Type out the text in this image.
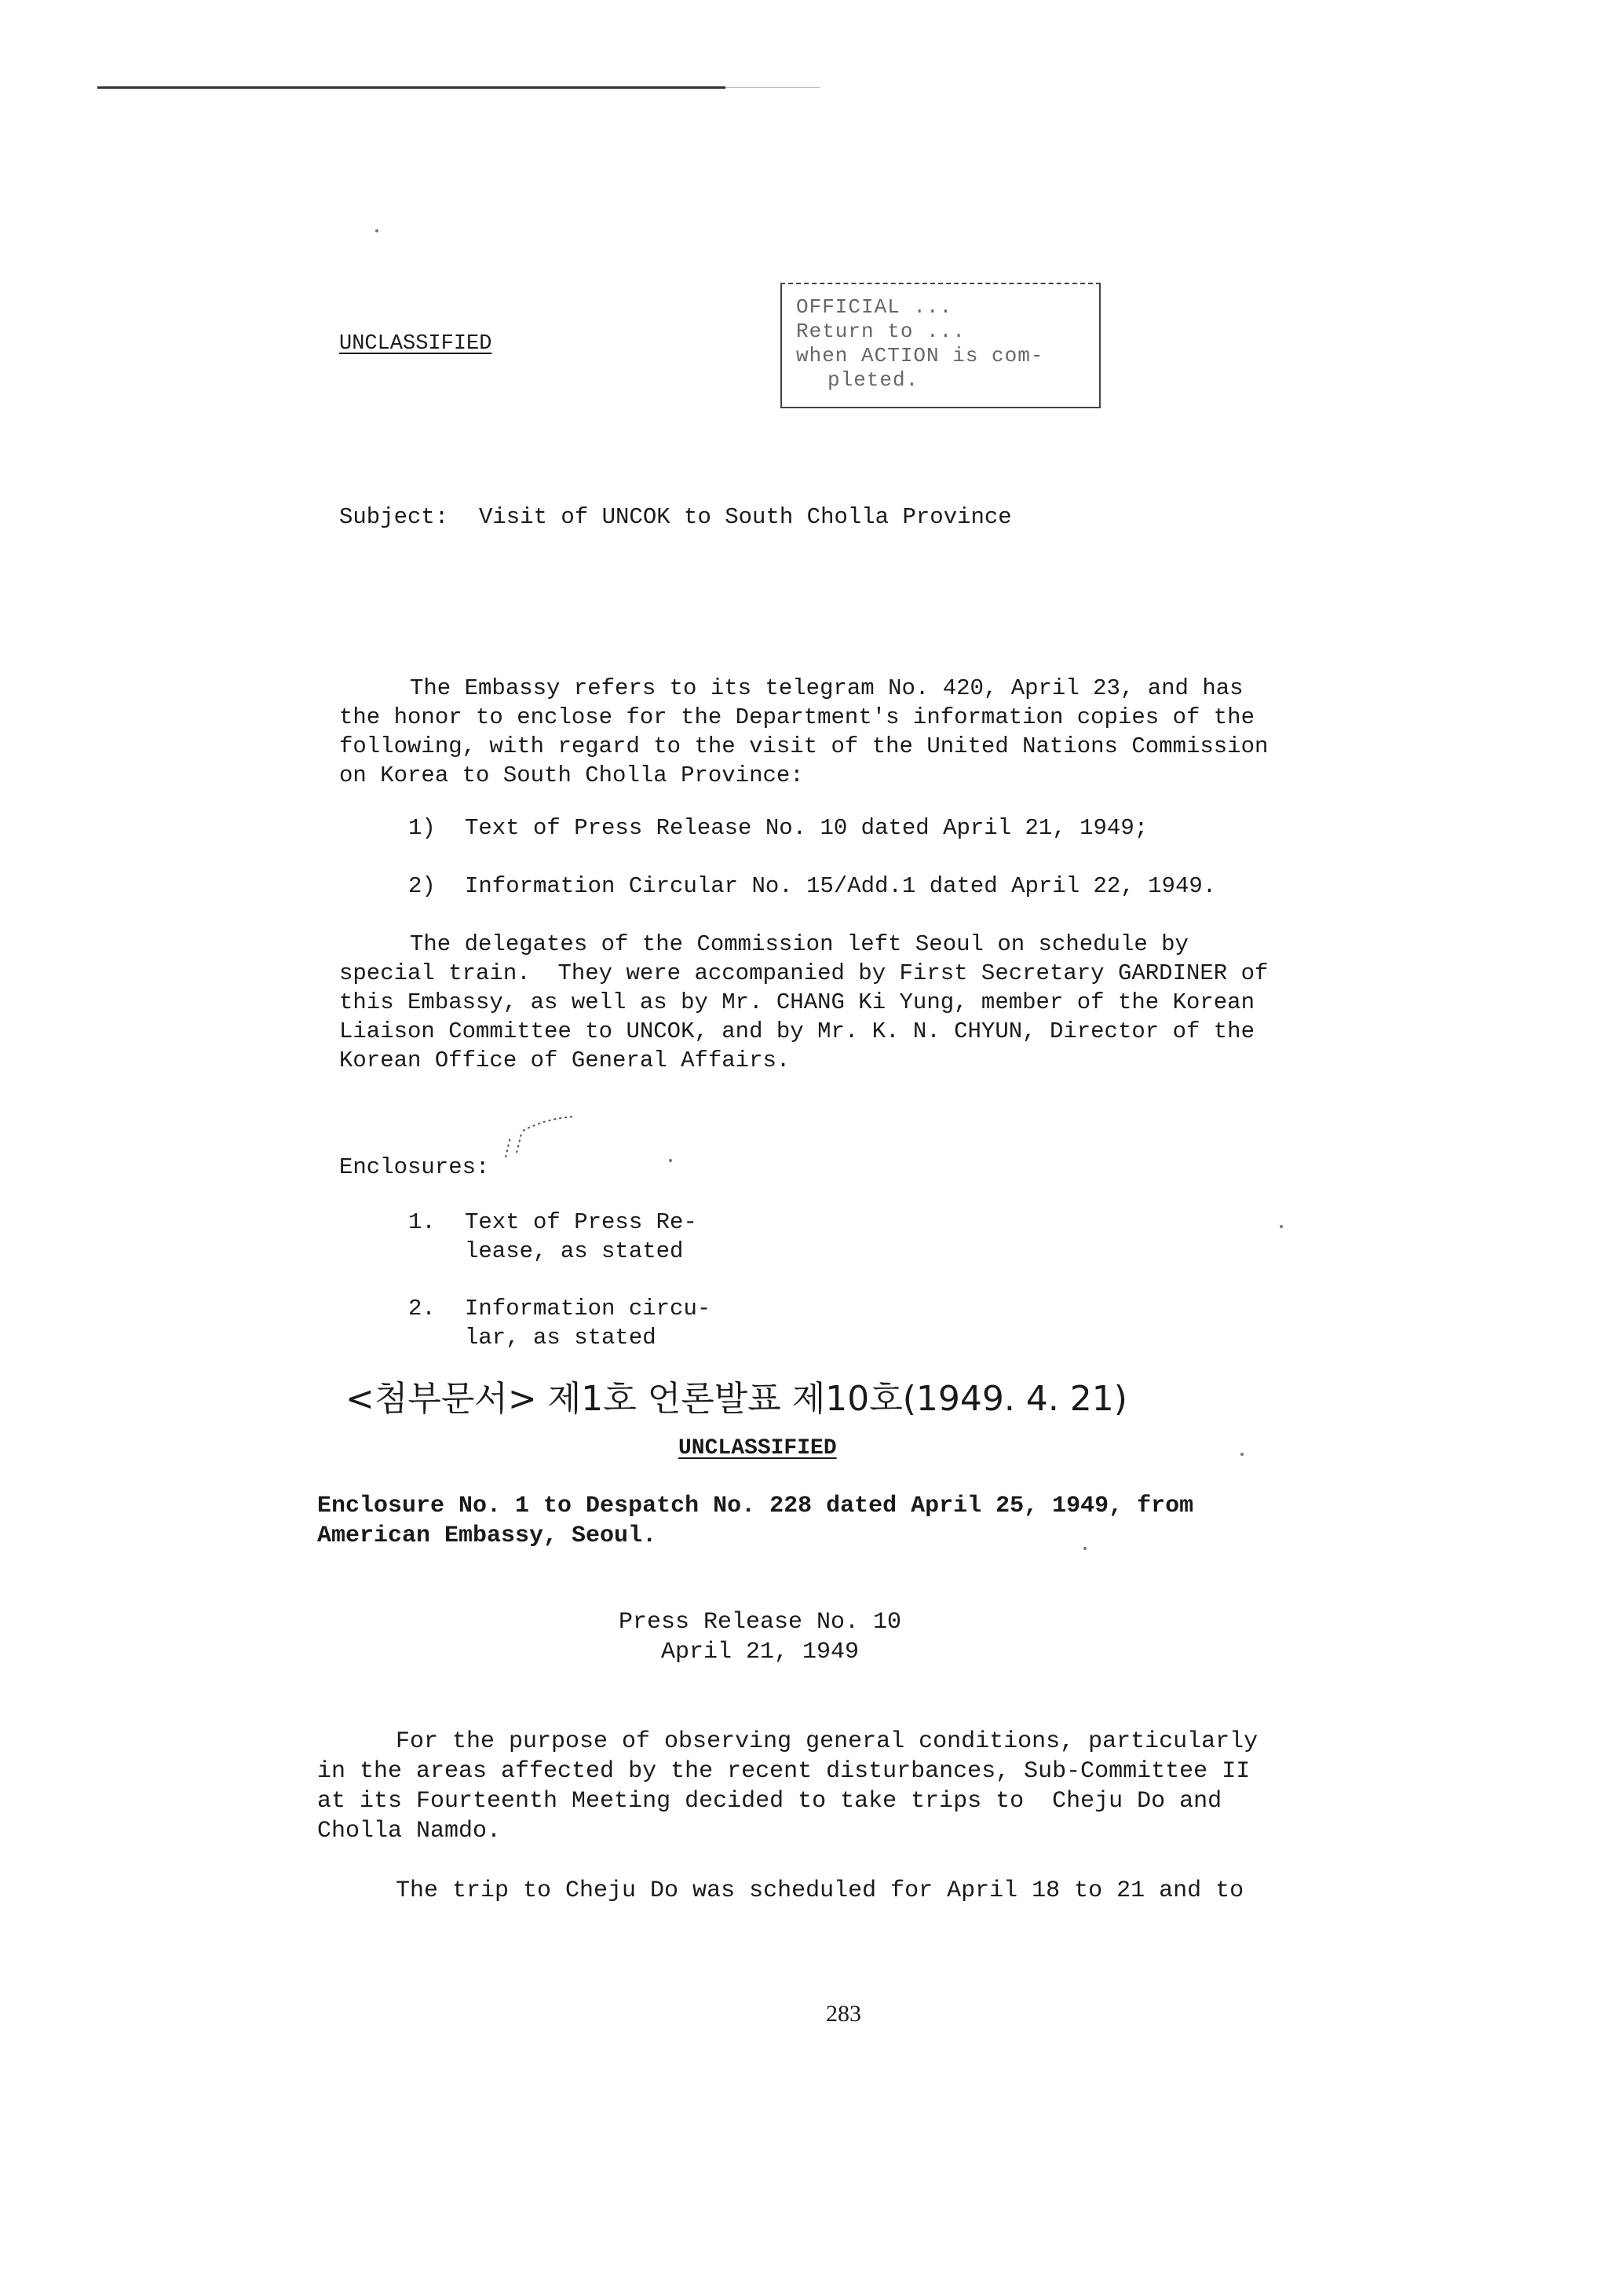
UNCLASSIFIED
OFFICIAL ...
Return to ...
when ACTION is com-
pleted.
Subject: Visit of UNCOK to South Cholla Province
The Embassy refers to its telegram No. 420, April 23, and has
the honor to enclose for the Department's information copies of the
following, with regard to the visit of the United Nations Commission
on Korea to South Cholla Province:
1) Text of Press Release No. 10 dated April 21, 1949;
2) Information Circular No. 15/Add.1 dated April 22, 1949.
The delegates of the Commission left Seoul on schedule by
special train.  They were accompanied by First Secretary GARDINER of
this Embassy, as well as by Mr. CHANG Ki Yung, member of the Korean
Liaison Committee to UNCOK, and by Mr. K. N. CHYUN, Director of the
Korean Office of General Affairs.
Enclosures:
1. Text of Press Re-
lease, as stated
2. Information circu-
lar, as stated
<첨부문서> 제1호 언론발표 제10호(1949. 4. 21)
UNCLASSIFIED
Enclosure No. 1 to Despatch No. 228 dated April 25, 1949, from
American Embassy, Seoul.
Press Release No. 10
April 21, 1949
For the purpose of observing general conditions, particularly
in the areas affected by the recent disturbances, Sub-Committee II
at its Fourteenth Meeting decided to take trips to  Cheju Do and
Cholla Namdo.
The trip to Cheju Do was scheduled for April 18 to 21 and to
283
